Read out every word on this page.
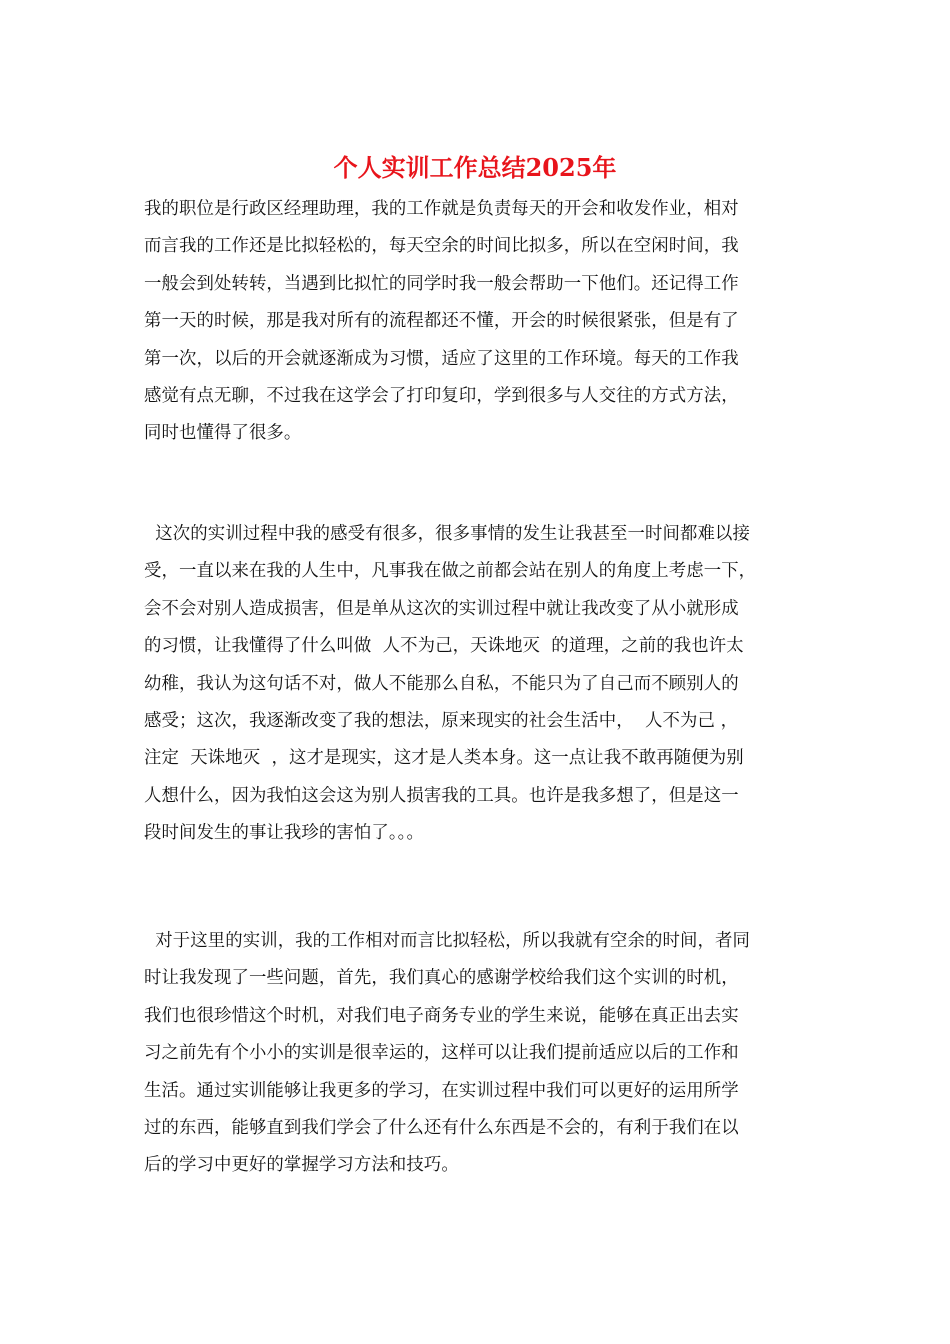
个人实训工作总结2025年

我的职位是行政区经理助理，我的工作就是负责每天的开会和收发作业，相对
而言我的工作还是比拟轻松的，每天空余的时间比拟多，所以在空闲时间，我
一般会到处转转，当遇到比拟忙的同学时我一般会帮助一下他们。还记得工作
第一天的时候，那是我对所有的流程都还不懂，开会的时候很紧张，但是有了
第一次，以后的开会就逐渐成为习惯，适应了这里的工作环境。每天的工作我
感觉有点无聊，不过我在这学会了打印复印，学到很多与人交往的方式方法，
同时也懂得了很多。

这次的实训过程中我的感受有很多，很多事情的发生让我甚至一时间都难以接
受，一直以来在我的人生中，凡事我在做之前都会站在别人的角度上考虑一下，
会不会对别人造成损害，但是单从这次的实训过程中就让我改变了从小就形成
的习惯，让我懂得了什么叫做  人不为己，天诛地灭  的道理，之前的我也许太
幼稚，我认为这句话不对，做人不能那么自私，不能只为了自己而不顾别人的
感受；这次，我逐渐改变了我的想法，原来现实的社会生活中，  人不为己 ，
注定  天诛地灭  ，这才是现实，这才是人类本身。这一点让我不敢再随便为别
人想什么，因为我怕这会这为别人损害我的工具。也许是我多想了，但是这一
段时间发生的事让我珍的害怕了。。。

对于这里的实训，我的工作相对而言比拟轻松，所以我就有空余的时间，者同
时让我发现了一些问题，首先，我们真心的感谢学校给我们这个实训的时机，
我们也很珍惜这个时机，对我们电子商务专业的学生来说，能够在真正出去实
习之前先有个小小的实训是很幸运的，这样可以让我们提前适应以后的工作和
生活。通过实训能够让我更多的学习，在实训过程中我们可以更好的运用所学
过的东西，能够直到我们学会了什么还有什么东西是不会的，有利于我们在以
后的学习中更好的掌握学习方法和技巧。
